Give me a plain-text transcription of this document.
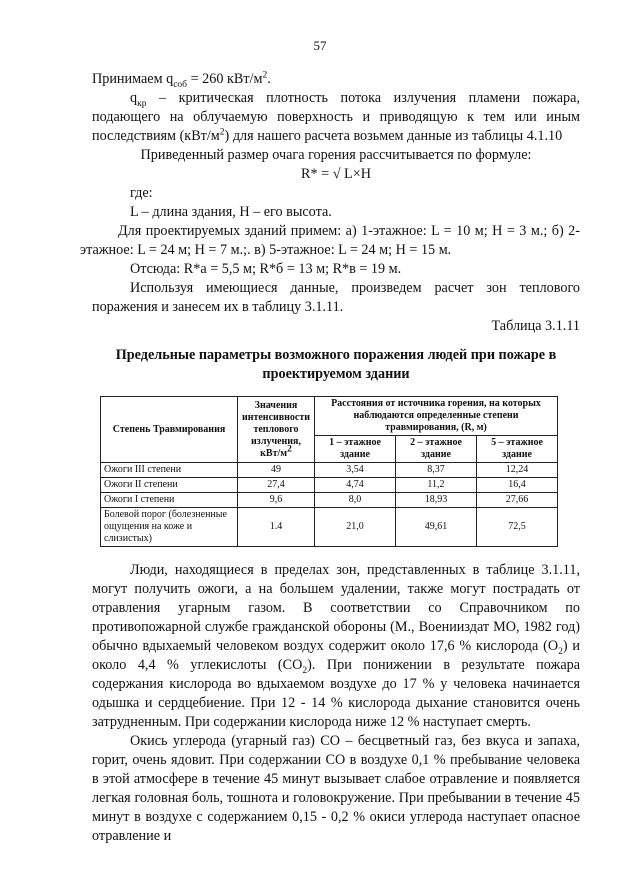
57

Принимаем $q_{соб} = 260$ кВт/$м^2$.

$q_{кр}$ – критическая плотность потока излучения пламени пожара, подающего на облучаемую поверхность и приводящую к тем или иным последствиям $(кВт/м^2)$ для нашего расчета возьмем данные из таблицы 4.1.10

Приведенный размер очага горения рассчитывается по формуле:

R* = √ L×H

где:

L – длина здания, H – его высота.

Для проектируемых зданий примем: а) 1-этажное: L = 10 м; H = 3 м.; б) 2-этажное: L = 24 м; H = 7 м.;. в) 5-этажное: L = 24 м; H = 15 м.

Отсюда: R*а = 5,5 м; R*б = 13 м; R*в = 19 м.

Используя имеющиеся данные, произведем расчет зон теплового поражения и занесем их в таблицу 3.1.11.

Таблица 3.1.11

Предельные параметры возможного поражения людей при пожаре в проектируемом здании
Степень Травмирования	Значения интенсивности теплового излучения, кВт/м2	Расстояния от источника горения, на которых наблюдаются определенные степени травмирования, (R, м)		
		1 – этажное здание	2 – этажное здание	5 – этажное здание
Ожоги III степени	49	3,54	8,37	12,24
Ожоги II степени	27,4	4,74	11,2	16,4
Ожоги I степени	9,6	8,0	18,93	27,66
Болевой порог (болезненные ощущения на коже и слизистых)	1.4	21,0	49,61	72,5

Люди, находящиеся в пределах зон, представленных в таблице 3.1.11, могут получить ожоги, а на большем удалении, также могут пострадать от отравления угарным газом. В соответствии со Справочником по противопожарной службе гражданской обороны (М., Военииздат МО, 1982 год) обычно вдыхаемый человеком воздух содержит около 17,6 % кислорода $(O_2)$ и около 4,4 % углекислоты $(CO_2)$. При понижении в результате пожара содержания кислорода во вдыхаемом воздухе до 17 % у человека начинается одышка и сердцебиение. При 12 - 14 % кислорода дыхание становится очень затрудненным. При содержании кислорода ниже 12 % наступает смерть.

Окись углерода (угарный газ) CO – бесцветный газ, без вкуса и запаха, горит, очень ядовит. При содержании CO в воздухе 0,1 % пребывание человека в этой атмосфере в течение 45 минут вызывает слабое отравление и появляется легкая головная боль, тошнота и головокружение. При пребывании в течение 45 минут в воздухе с содержанием 0,15 - 0,2 % окиси углерода наступает опасное отравление и
